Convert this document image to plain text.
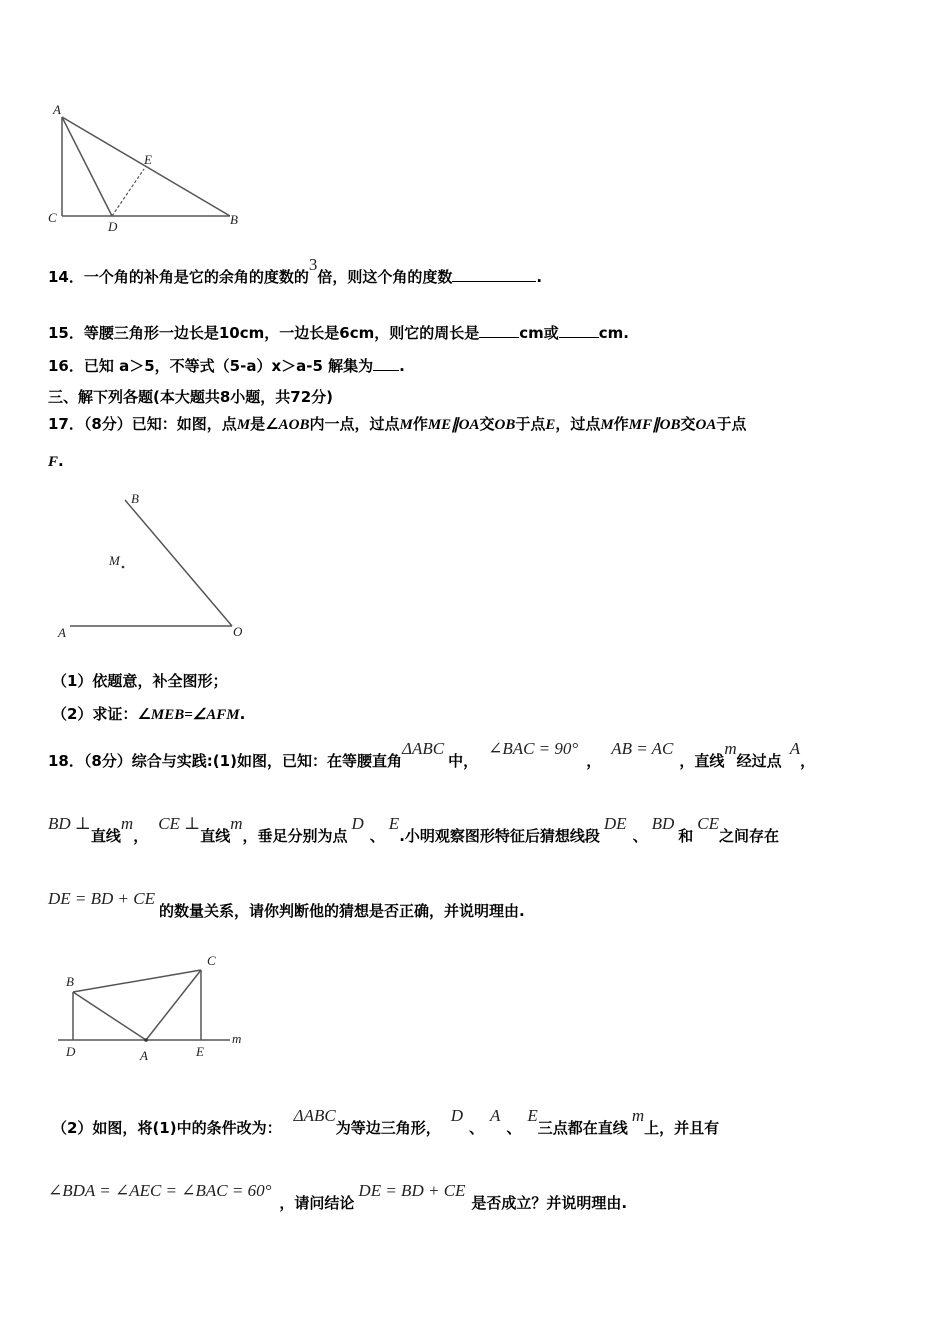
A
E
C
D	B
14．一个角的补角是它的余角的度数的3倍，则这个角的度数	.
15．等腰三角形一边长是10cm，一边长是6cm，则它的周长是	cm或	cm.
16．已知 a＞5，不等式（5-a）x＞a-5 解集为 .
三、解下列各题(本大题共8小题，共72分)
17．（8分）已知：如图，点M是∠AOB内一点，过点M作ME∥OA交OB于点E，过点M作MF∥OB交OA于点
F.
B
M
A	O
（1）依题意，补全图形；
（2）求证：∠MEB=∠AFM.
18．（8分）综合与实践:(1)如图，已知：在等腰直角ΔABC中，∠BAC = 90°，AB = AC，直线m经过点A，
BD ⊥直线m，CE ⊥直线m，垂足分别为点D、E.小明观察图形特征后猜想线段DE、BD和CE之间存在
DE = BD + CE的数量关系，请你判断他的猜想是否正确，并说明理由.
B
C
D	A	E
m
（2）如图，将(1)中的条件改为：ΔABC为等边三角形，D、A、E三点都在直线m上，并且有
∠BDA = ∠AEC = ∠BAC = 60°，请问结论DE = BD + CE是否成立？并说明理由.
